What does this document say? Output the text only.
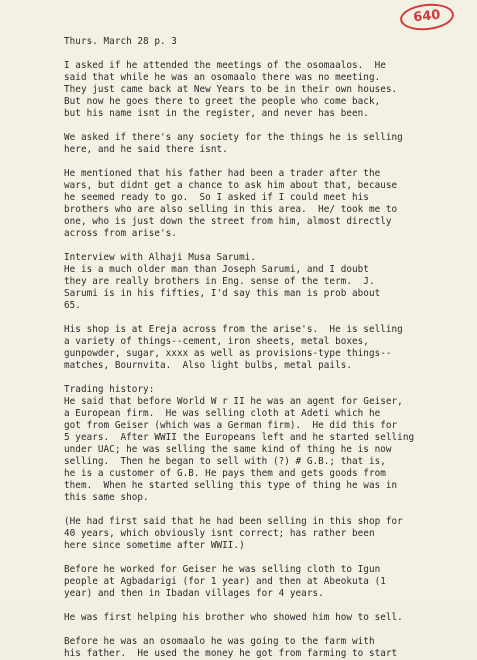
640
Thurs. March 28 p. 3
I asked if he attended the meetings of the osomaalos.  He
said that while he was an osomaalo there was no meeting.
They just came back at New Years to be in their own houses.
But now he goes there to greet the people who come back,
but his name isnt in the register, and never has been.
We asked if there's any society for the things he is selling
here, and he said there isnt.
He mentioned that his father had been a trader after the
wars, but didnt get a chance to ask him about that, because
he seemed ready to go.  So I asked if I could meet his
brothers who are also selling in this area.  He/ took me to
one, who is just down the street from him, almost directly
across from arise's.
Interview with Alhaji Musa Sarumi.
He is a much older man than Joseph Sarumi, and I doubt
they are really brothers in Eng. sense of the term.  J.
Sarumi is in his fifties, I'd say this man is prob about
65.
His shop is at Ereja across from the arise's.  He is selling
a variety of things--cement, iron sheets, metal boxes,
gunpowder, sugar, xxxx as well as provisions-type things--
matches, Bournvita.  Also light bulbs, metal pails.
Trading history:
He said that before World W r II he was an agent for Geiser,
a European firm.  He was selling cloth at Adeti which he
got from Geiser (which was a German firm).  He did this for
5 years.  After WWII the Europeans left and he started selling
under UAC; he was selling the same kind of thing he is now
selling.  Then he began to sell with (?) # G.B.; that is,
he is a customer of G.B. He pays them and gets goods from
them.  When he started selling this type of thing he was in
this same shop.
(He had first said that he had been selling in this shop for
40 years, which obviously isnt correct; has rather been
here since sometime after WWII.)
Before he worked for Geiser he was selling cloth to Igun
people at Agbadarigi (for 1 year) and then at Abeokuta (1
year) and then in Ibadan villages for 4 years.
He was first helping his brother who showed him how to sell.
Before he was an osomaalo he was going to the farm with
his father.  He used the money he got from farming to start
